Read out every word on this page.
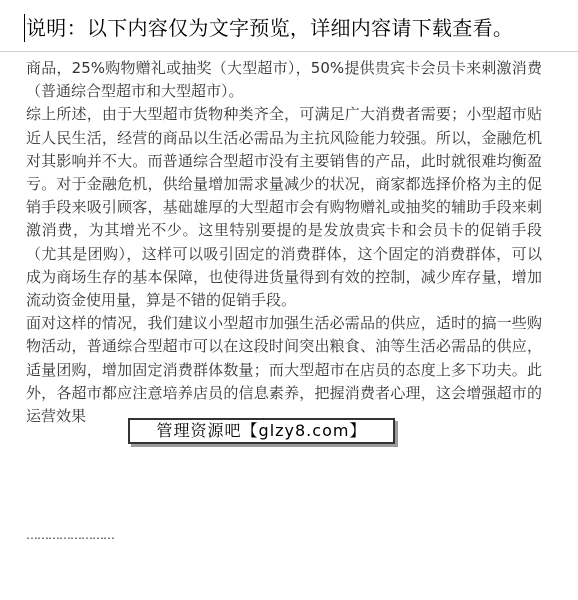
说明：以下内容仅为文字预览，详细内容请下载查看。

商品，25%购物赠礼或抽奖（大型超市），50%提供贵宾卡会员卡来刺激消费（普通综合型超市和大型超市）。

综上所述，由于大型超市货物种类齐全，可满足广大消费者需要；小型超市贴近人民生活，经营的商品以生活必需品为主抗风险能力较强。所以，金融危机对其影响并不大。而普通综合型超市没有主要销售的产品，此时就很难均衡盈亏。对于金融危机，供给量增加需求量减少的状况，商家都选择价格为主的促销手段来吸引顾客，基础雄厚的大型超市会有购物赠礼或抽奖的辅助手段来刺激消费，为其增光不少。这里特别要提的是发放贵宾卡和会员卡的促销手段（尤其是团购），这样可以吸引固定的消费群体，这个固定的消费群体，可以成为商场生存的基本保障，也使得进货量得到有效的控制，减少库存量，增加流动资金使用量，算是不错的促销手段。

面对这样的情况，我们建议小型超市加强生活必需品的供应，适时的搞一些购物活动，普通综合型超市可以在这段时间突出粮食、油等生活必需品的供应，适量团购，增加固定消费群体数量；而大型超市在店员的态度上多下功夫。此外，各超市都应注意培养店员的信息素养，把握消费者心理，这会增强超市的运营效果

……………………
管理资源吧【glzy8.com】
